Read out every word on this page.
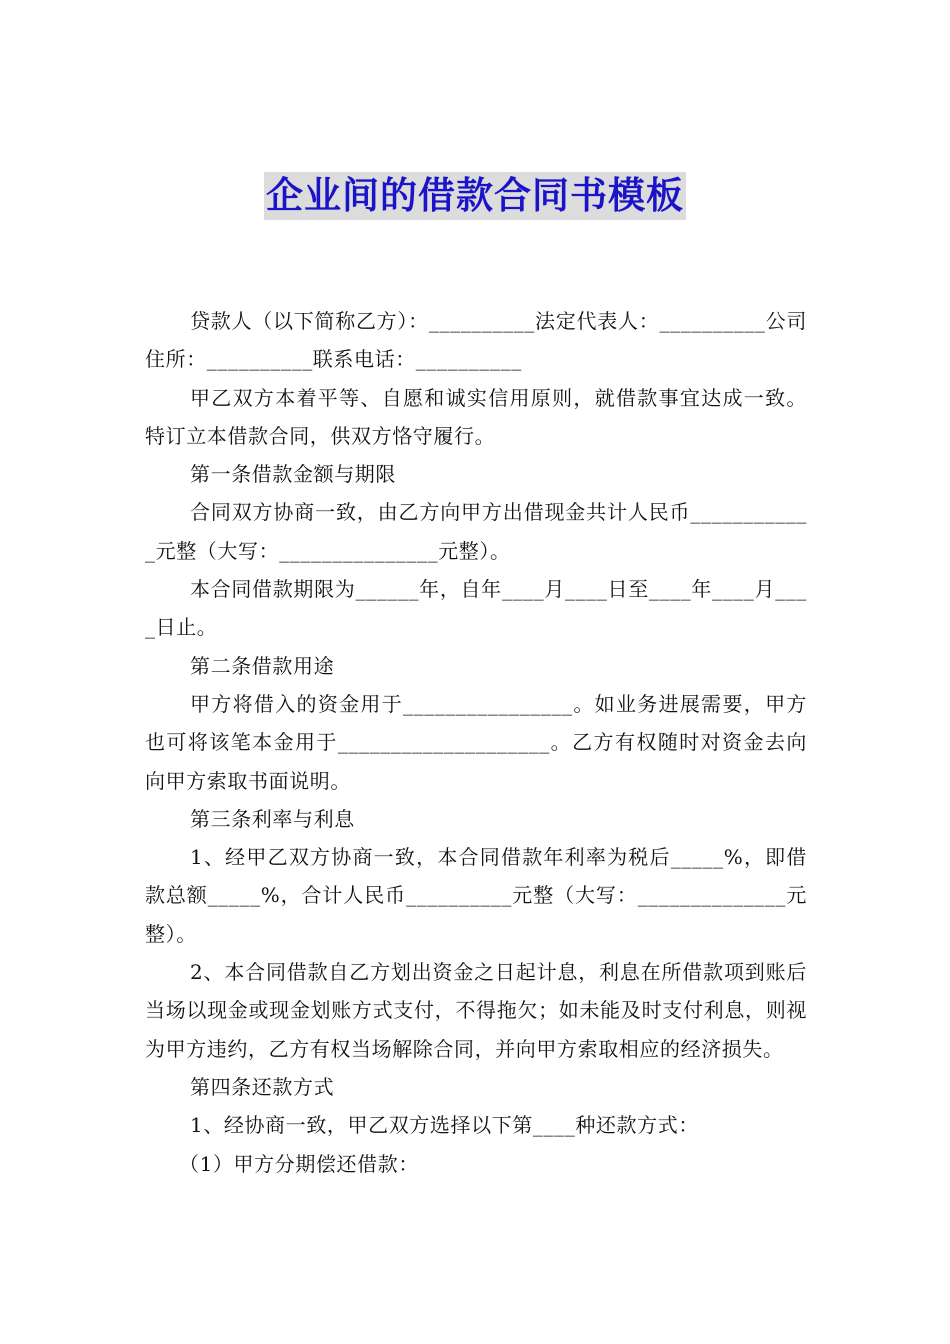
企业间的借款合同书模板

贷款人（以下简称乙方）：__________法定代表人：__________公司住所：__________联系电话：__________

甲乙双方本着平等、自愿和诚实信用原则，就借款事宜达成一致。特订立本借款合同，供双方恪守履行。

第一条借款金额与期限

合同双方协商一致，由乙方向甲方出借现金共计人民币____________元整（大写：_______________元整）。

本合同借款期限为______年，自年____月____日至____年____月____日止。

第二条借款用途

甲方将借入的资金用于________________。如业务进展需要，甲方也可将该笔本金用于____________________。乙方有权随时对资金去向向甲方索取书面说明。

第三条利率与利息

1、经甲乙双方协商一致，本合同借款年利率为税后_____%，即借款总额_____%，合计人民币__________元整（大写：______________元整）。

2、本合同借款自乙方划出资金之日起计息，利息在所借款项到账后当场以现金或现金划账方式支付，不得拖欠；如未能及时支付利息，则视为甲方违约，乙方有权当场解除合同，并向甲方索取相应的经济损失。

第四条还款方式

1、经协商一致，甲乙双方选择以下第____种还款方式：

（1）甲方分期偿还借款：
